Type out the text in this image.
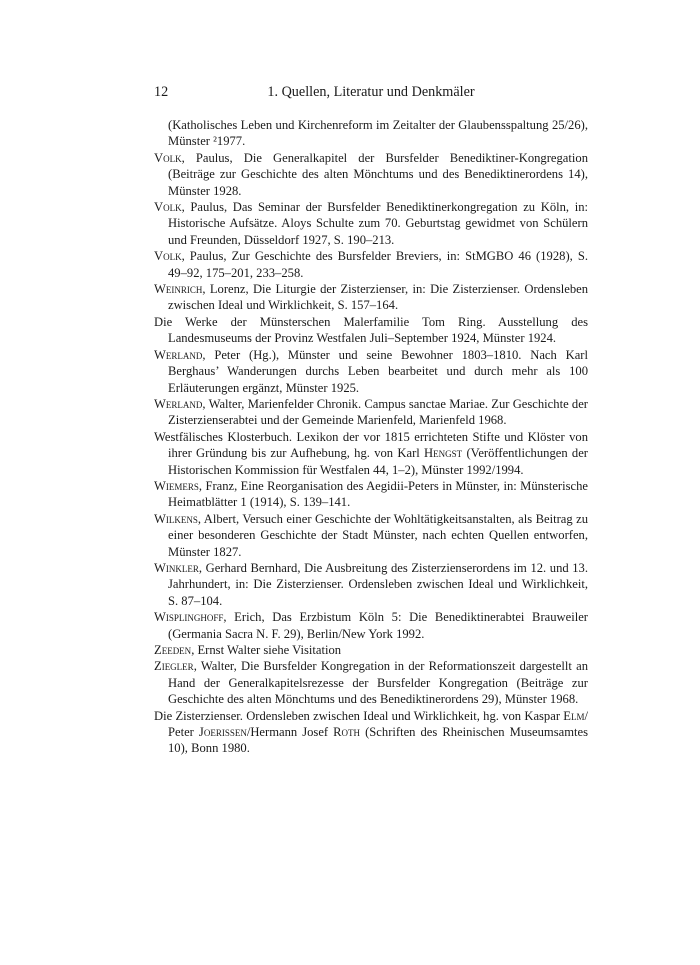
12	1. Quellen, Literatur und Denkmäler
(Katholisches Leben und Kirchenreform im Zeitalter der Glaubensspaltung 25/26), Münster ²1977.
Volk, Paulus, Die Generalkapitel der Bursfelder Benediktiner-Kongregation (Beiträge zur Geschichte des alten Mönchtums und des Benediktinerordens 14), Münster 1928.
Volk, Paulus, Das Seminar der Bursfelder Benediktinerkongregation zu Köln, in: Historische Aufsätze. Aloys Schulte zum 70. Geburtstag gewidmet von Schülern und Freunden, Düsseldorf 1927, S. 190–213.
Volk, Paulus, Zur Geschichte des Bursfelder Breviers, in: StMGBO 46 (1928), S. 49–92, 175–201, 233–258.
Weinrich, Lorenz, Die Liturgie der Zisterzienser, in: Die Zisterzienser. Ordensleben zwischen Ideal und Wirklichkeit, S. 157–164.
Die Werke der Münsterschen Malerfamilie Tom Ring. Ausstellung des Landesmuseums der Provinz Westfalen Juli–September 1924, Münster 1924.
Werland, Peter (Hg.), Münster und seine Bewohner 1803–1810. Nach Karl Berghaus’ Wanderungen durchs Leben bearbeitet und durch mehr als 100 Erläuterungen ergänzt, Münster 1925.
Werland, Walter, Marienfelder Chronik. Campus sanctae Mariae. Zur Geschichte der Zisterzienserabtei und der Gemeinde Marienfeld, Marienfeld 1968.
Westfälisches Klosterbuch. Lexikon der vor 1815 errichteten Stifte und Klöster von ihrer Gründung bis zur Aufhebung, hg. von Karl Hengst (Veröffentlichungen der Historischen Kommission für Westfalen 44, 1–2), Münster 1992/1994.
Wiemers, Franz, Eine Reorganisation des Aegidii-Peters in Münster, in: Münsterische Heimatblätter 1 (1914), S. 139–141.
Wilkens, Albert, Versuch einer Geschichte der Wohltätigkeitsanstalten, als Beitrag zu einer besonderen Geschichte der Stadt Münster, nach echten Quellen entworfen, Münster 1827.
Winkler, Gerhard Bernhard, Die Ausbreitung des Zisterzienserordens im 12. und 13. Jahrhundert, in: Die Zisterzienser. Ordensleben zwischen Ideal und Wirklichkeit, S. 87–104.
Wisplinghoff, Erich, Das Erzbistum Köln 5: Die Benediktinerabtei Brauweiler (Germania Sacra N. F. 29), Berlin/New York 1992.
Zeeden, Ernst Walter siehe Visitation
Ziegler, Walter, Die Bursfelder Kongregation in der Reformationszeit dargestellt an Hand der Generalkapitelsrezesse der Bursfelder Kongregation (Beiträge zur Geschichte des alten Mönchtums und des Benediktinerordens 29), Münster 1968.
Die Zisterzienser. Ordensleben zwischen Ideal und Wirklichkeit, hg. von Kaspar Elm/ Peter Joerissen/Hermann Josef Roth (Schriften des Rheinischen Museumsamtes 10), Bonn 1980.
